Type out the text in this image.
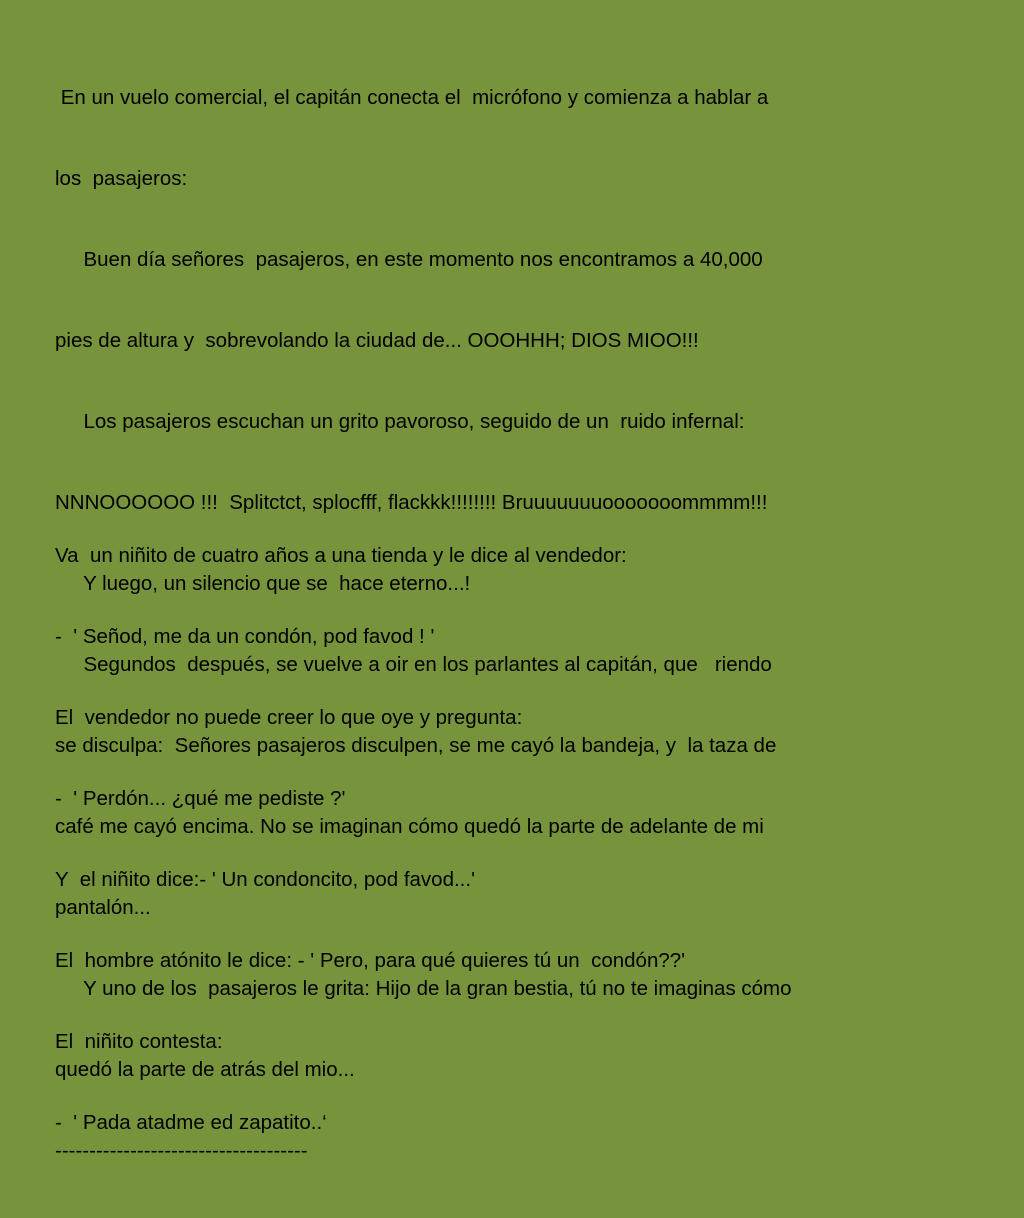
En un vuelo comercial, el capitán conecta el  micrófono y comienza a hablar a

los  pasajeros:

Buen día señores  pasajeros, en este momento nos encontramos a 40,000

pies de altura y  sobrevolando la ciudad de... OOOHHH; DIOS MIOO!!!

Los pasajeros escuchan un grito pavoroso, seguido de un  ruido infernal:

NNNOOOOOO !!!  Splitctct, splocfff, flackkk!!!!!!!! Bruuuuuuuooooooommmm!!!

Y luego, un silencio que se  hace eterno...!

Segundos  después, se vuelve a oir en los parlantes al capitán, que   riendo

se disculpa:  Señores pasajeros disculpen, se me cayó la bandeja, y  la taza de

café me cayó encima. No se imaginan cómo quedó la parte de adelante de mi

pantalón...

Y uno de los  pasajeros le grita: Hijo de la gran bestia, tú no te imaginas cómo

quedó la parte de atrás del mio...

-------------------------------------

Va  un niñito de cuatro años a una tienda y le dice al vendedor:

-  ' Señod, me da un condón, pod favod ! '

El  vendedor no puede creer lo que oye y pregunta:

-  ' Perdón... ¿qué me pediste ?'

Y  el niñito dice:- ' Un condoncito, pod favod...'

El  hombre atónito le dice: - ' Pero, para qué quieres tú un  condón??'

El  niñito contesta:

-  ' Pada atadme ed zapatito..‘
